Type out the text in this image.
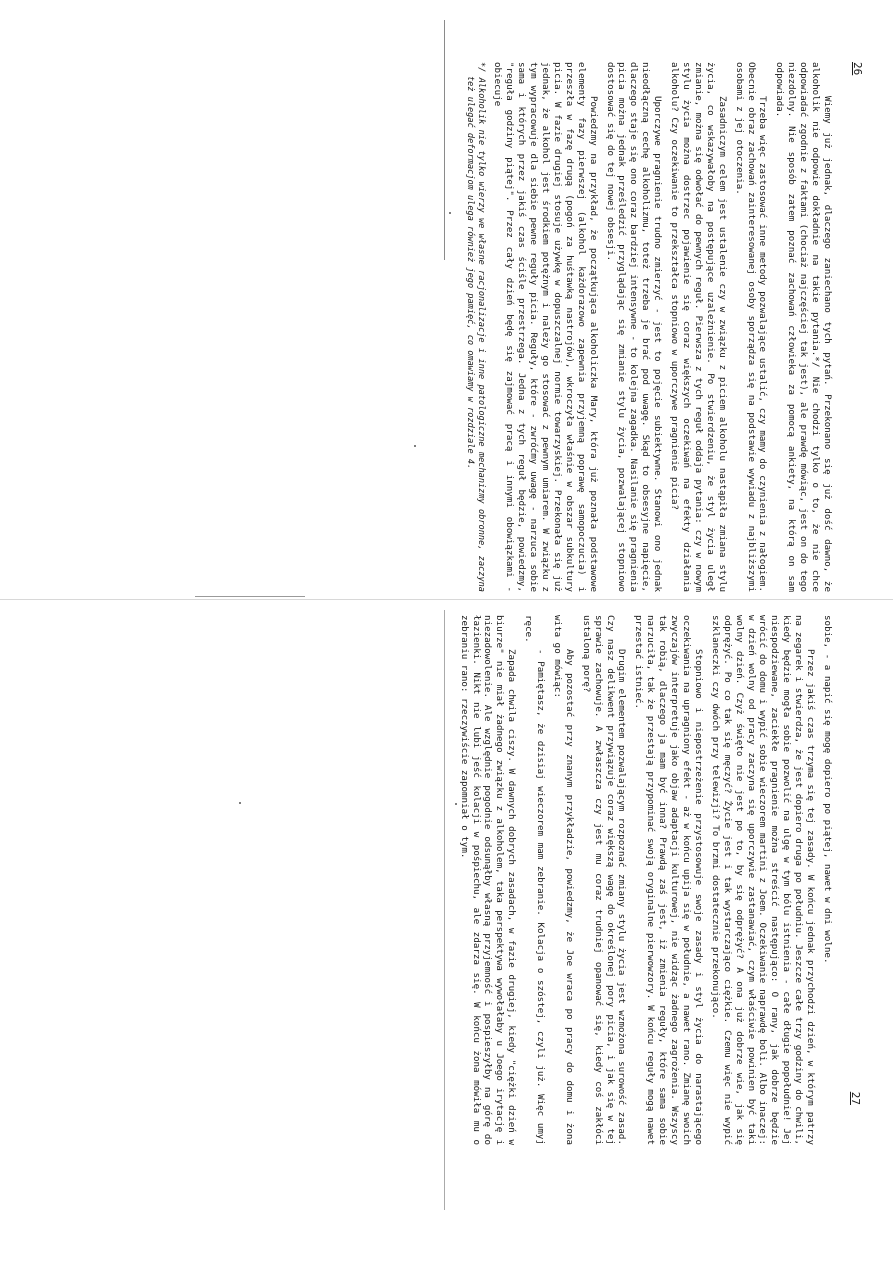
26

Wiemy już jednak, dlaczego zaniechano tych pytań. Przekonano się już dość dawno, że alkoholik nie odpowie dokładnie na takie pytania.*/ Nie chodzi tylko o to, że nie chce odpowiadać zgodnie z faktami (chociaż najczęściej tak jest), ale prawdę mówiąc, jest on do tego niezdolny. Nie sposób zatem poznać zachowań człowieka za pomocą ankiety, na którą on sam odpowiada.

Trzeba więc zastosować inne metody pozwalające ustalić, czy mamy do czynienia z nałogiem. Obecnie obraz zachowań zainteresowanej osoby sporządza się na podstawie wywiadu z najbliższymi osobami z jej otoczenia.

Zasadniczym celem jest ustalenie czy w związku z piciem alkoholu nastąpiła zmiana stylu życia, co wskazywałoby na postępujące uzależnienie. Po stwierdzeniu, że styl życia uległ zmianie, można się odwołać do pewnych reguł. Pierwsza z tych reguł oddaja pytania: czy w nowym stylu życia można dostrzec pojawienie się coraz większych oczekiwań na efekty działania alkoholu? Czy oczekiwanie to przekształca stopniowo w uporczywe pragnienie picia?

Uporczywe pragnienie trudno zmierzyć - jest to pojęcie subiektywne. Stanowi ono jednak nieodłączną cechę alkoholizmu, toteż trzeba je brać pod uwagę. Skąd to obsesyjne napięcie, dlaczego staje się ono coraz bardziej intensywne - to kolejna zagadka. Nasilanie się pragnienia picia można jednak prześledzić przyglądając się zmianie stylu życia, pozwalającej stopniowo dostosować się do tej nowej obsesji.

Powiedzmy na przykład, że początkująca alkoholiczka Mary, która już poznała podstawowe elementy fazy pierwszej (alkohol każdorazowo zapewnia przyjemną poprawę samopoczucia) i przeszła w fazę drugą (pogoń za huśtawką nastrojów), wkroczyła właśnie w obszar subkultury picia. W fazie drugiej stosuje używkę w dopuszczalnej normie towarzyskiej. Przekonała się już jednak, że alkohol jest środkiem potężnym i należy go stosować z pewnym umiarem. W związku z tym wypracowuje dla siebie pewne reguły picia. Reguły, które - zwróćmy uwagę - narzuca sobie sama i których przez jakiś czas ściśle przestrzega. Jedna z tych reguł będzie, powiedzmy, "reguła godziny piątej". Przez cały dzień będę się zajmować pracą i innymi obowiązkami - obiecuje

*/ Alkoholik nie tylko wierzy we własne racjonalizacje i inne patologiczne mechanizmy obronne, zaczyna też ulegać deformacjom ulega również jego pamięć, co omawiamy w rozdziale 4.

27

sobie, - a napić się mogę dopiero po piątej, nawet w dni wolne.

Przez jakiś czas trzyma się tej zasady. W końcu jednak przychodzi dzień, w którym patrzy na zegarek i stwierdza, że jest dopiero druga po południu. Jeszcze całe trzy godziny do chwili, kiedy będzie mogła sobie pozwolić na ulgę w tym bólu istnienia - całe długie popołudnie! Jej niespodziewane, zaciekłe pragnienie można streścić następująco: O rany, jak dobrze będzie wrócić do domu i wypić sobie wieczorem martini z Joem. Oczekiwanie naprawdę boli. Albo inaczej: w dzień wolny od pracy zaczyna się uporczywie zastanawiać, czym właściwie powinien być taki wolny dzień. Czyż święto nie jest po to, by się odprężyć? A ona już dobrze wie, jak się odprężyć. Po co tak się męczyć? Życie jest i tak wystarczająco ciężkie. Czemu więc nie wypić szklaneczki czy dwóch przy telewizji? To brzmi dostatecznie przekonująco.

Stopniowo i niepostrzeżenie przystosowuje swoje zasady i styl życia do narastającego oczekiwania na upragniony efekt - aż w końcu upija się w południe, a nawet rano. Zmianę swoich zwyczajów interpretuje jako objaw adaptacji kulturowej, nie widząc żadnego zagrożenia. Wszyscy tak robią, dlaczego ja mam być inna? Prawdą zaś jest, iż zmienia reguły, które sama sobie narzuciła, tak że przestają przypominać swoją oryginalne pierwowzory. W końcu reguły mogą nawet przestać istnieć.

Drugim elementem pozwalającym rozpoznać zmiany stylu życia jest wzmożona surowość zasad. Czy nasz delikwent przywiązuje coraz większą wagę do określonej pory picia, i jak się w tej sprawie zachowuje. A zwłaszcza czy jest mu coraz trudniej opanować się, kiedy coś zakłóci ustaloną porę?

Aby pozostać przy znanym przykładzie, powiedzmy, że Joe wraca po pracy do domu i żona wita go mówiąc:

- Pamiętasz, że dzisiaj wieczorem mam zebranie. Kolacja o szóstej, czyli już. Więc umyj ręce.

Zapada chwila ciszy. W dawnych dobrych zasadach, w fazie drugiej, kiedy "ciężki dzień w biurze" nie miał żadnego związku z alkoholem, taka perspektywa wywołałaby u Joego irytację i niezadowolenie. Ale względnie pogodnie odsunąłby własną przyjemność i pospieszyłby na górę do łazienki. Nikt nie lubi jeść kolacji w pośpiechu, ale zdarza się. W końcu żona mówiła mu o zebraniu rano: rzeczywiście zapomniał o tym.
